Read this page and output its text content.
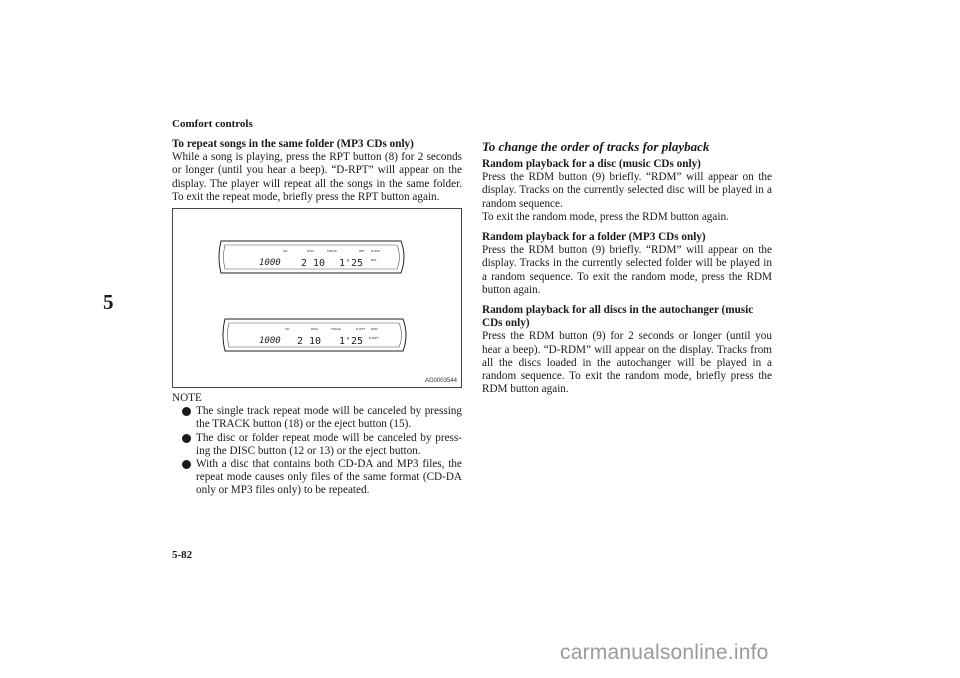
Comfort controls
5

To repeat songs in the same folder (MP3 CDs only)

While a song is playing, press the RPT button (8) for 2 seconds or longer (until you hear a beep). “D-RPT” will appear on the display. The player will repeat all the songs in the same folder. To exit the repeat mode, briefly press the RPT button again.

1000
CD	DISC	TRACK	RPT D-RPT
2 10 1'25	RPT
1000
CD	DISC	TRACK	D-RPT DISC
2 10 1'25 D-RPT
AG0003544

NOTE

The single track repeat mode will be canceled by pressing the TRACK button (18) or the eject button (15).
The disc or folder repeat mode will be canceled by press-ing the DISC button (12 or 13) or the eject button.
With a disc that contains both CD-DA and MP3 files, the repeat mode causes only files of the same format (CD-DA only or MP3 files only) to be repeated.
To change the order of tracks for playback

Random playback for a disc (music CDs only)

Press the RDM button (9) briefly. “RDM” will appear on the display. Tracks on the currently selected disc will be played in a random sequence.

To exit the random mode, press the RDM button again.

Random playback for a folder (MP3 CDs only)

Press the RDM button (9) briefly. “RDM” will appear on the display. Tracks in the currently selected folder will be played in a random sequence. To exit the random mode, press the RDM button again.

Random playback for all discs in the autochanger (music CDs only)

Press the RDM button (9) for 2 seconds or longer (until you hear a beep). “D-RDM” will appear on the display. Tracks from all the discs loaded in the autochanger will be played in a random sequence. To exit the random mode, briefly press the RDM button again.

5-82
carmanualsonline.info
